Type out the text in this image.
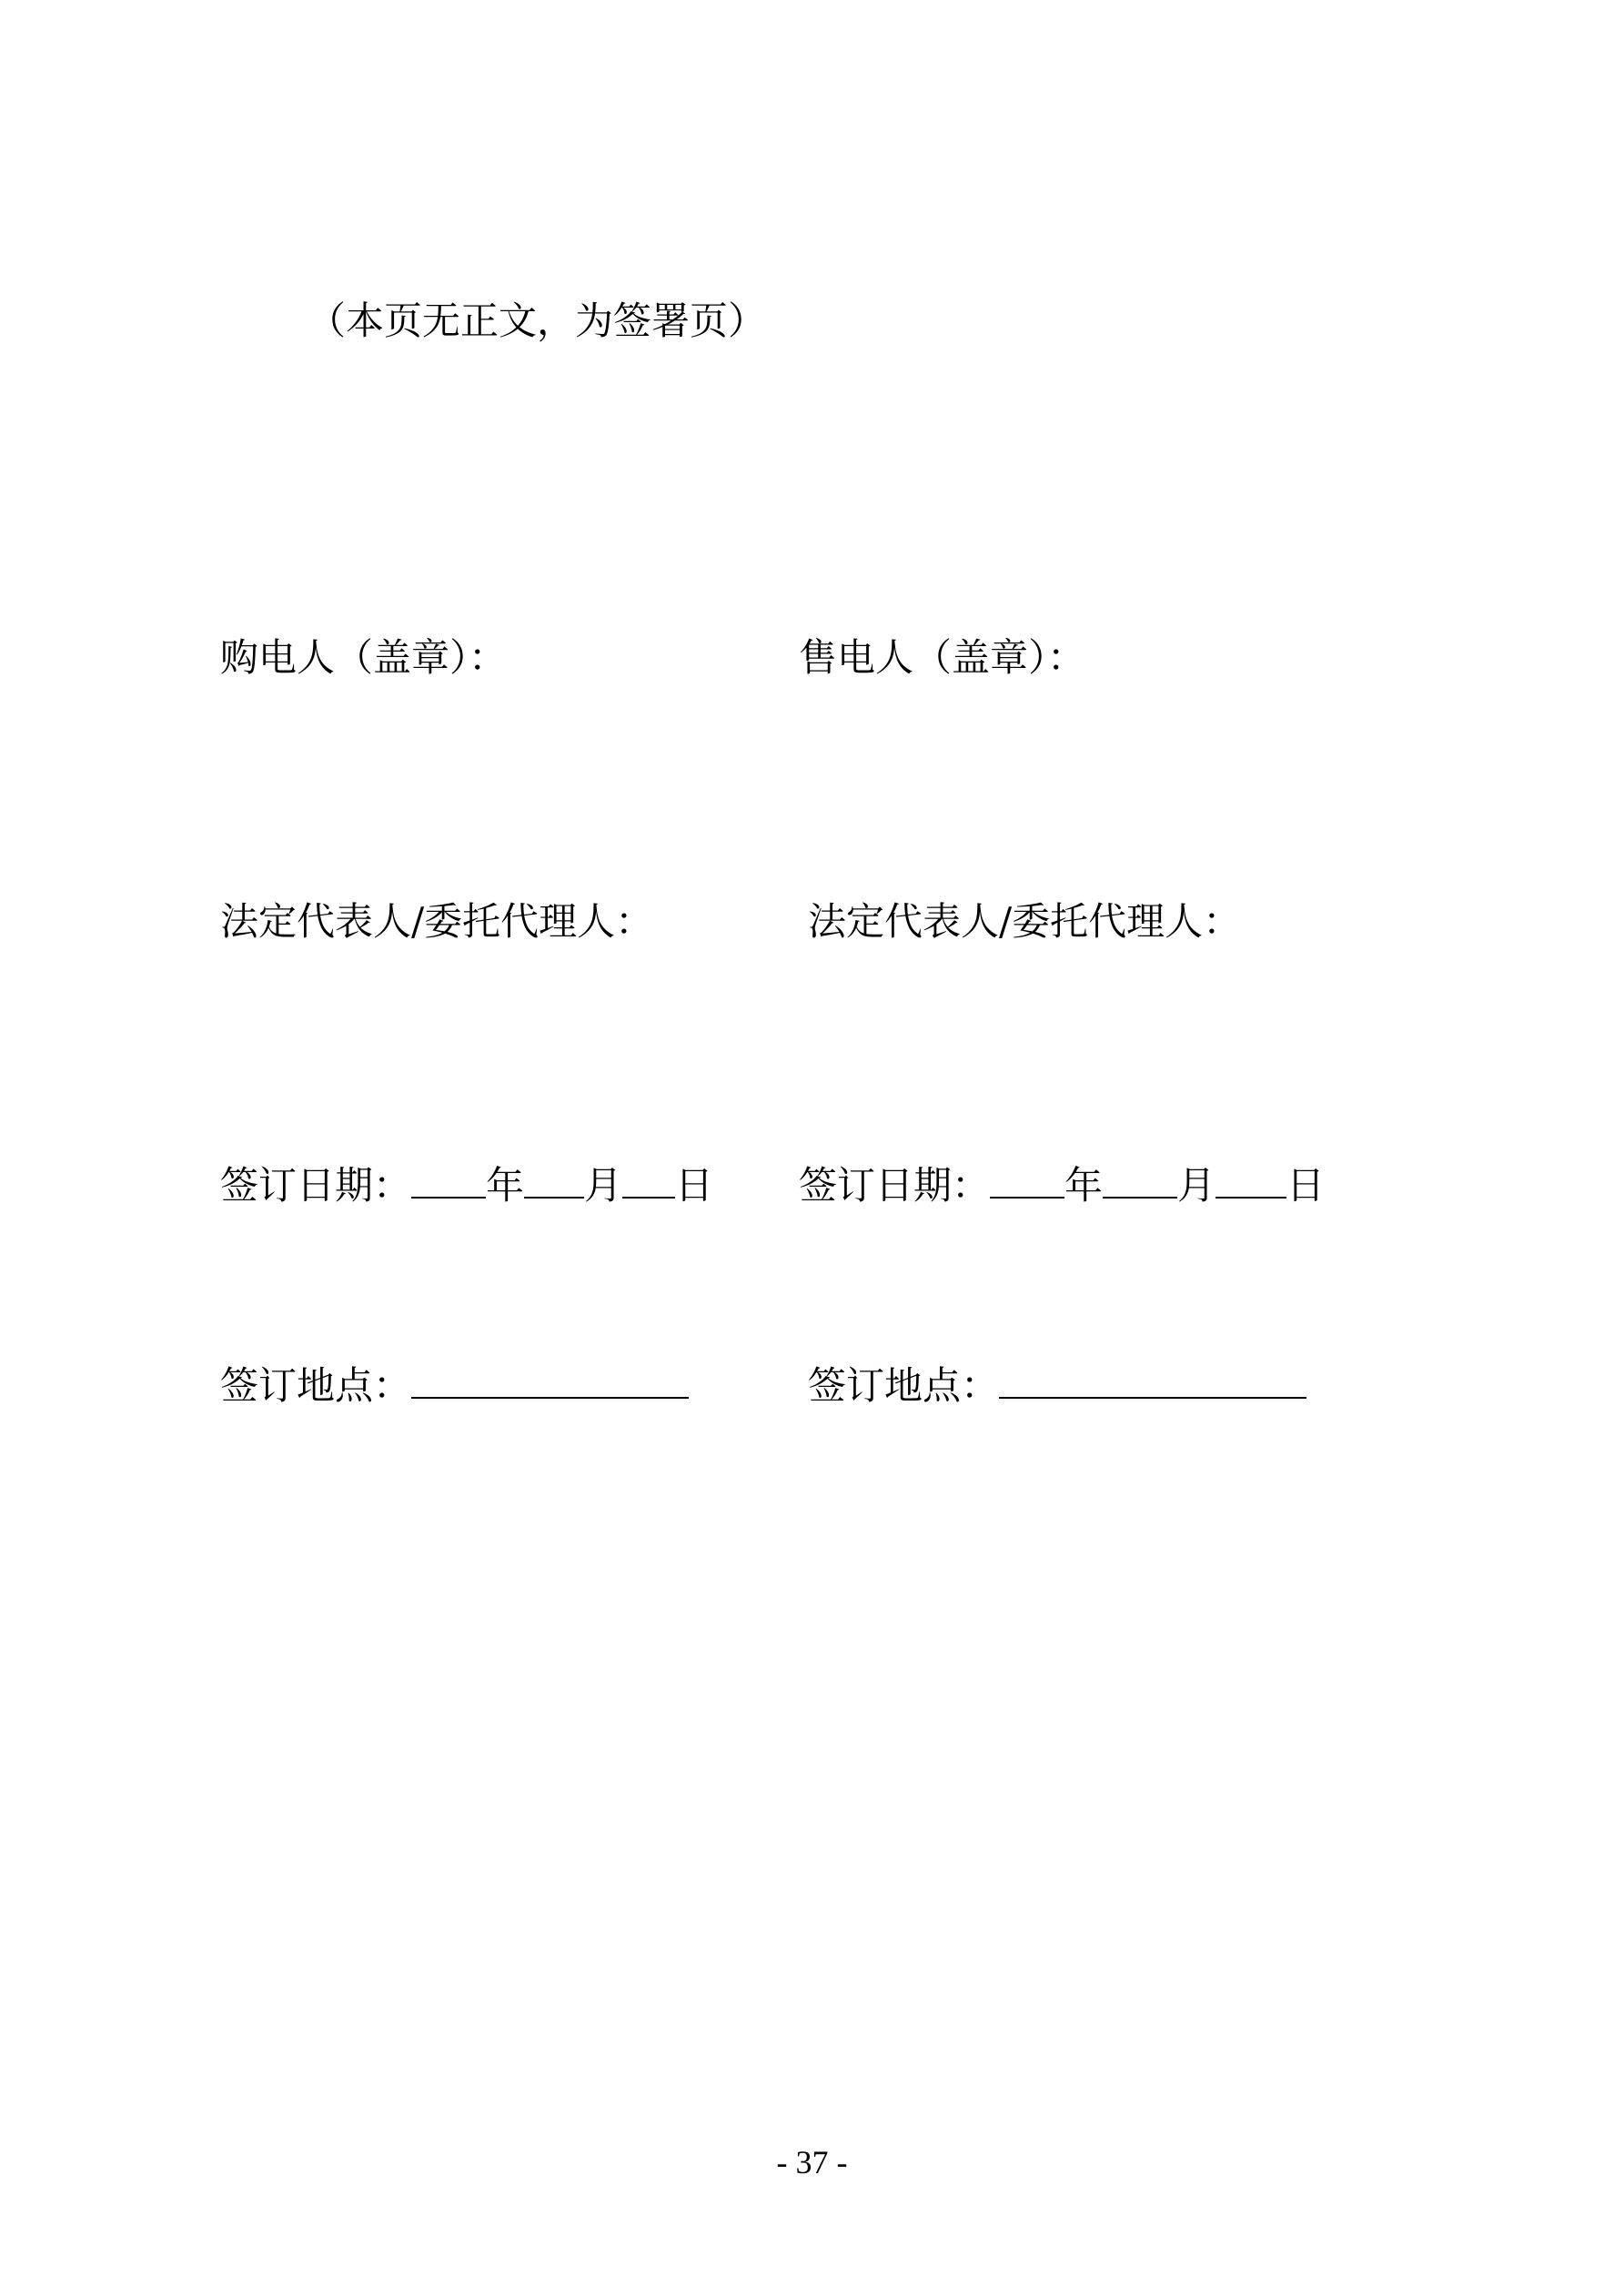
（本页无正文，为签署页）
购电人（盖章）：
法定代表人/委托代理人：
签订日期： 年 月 日
签订地点：
售电人（盖章）：
法定代表人/委托代理人：
签订日期： 年 月 日
签订地点：
- 37 -
